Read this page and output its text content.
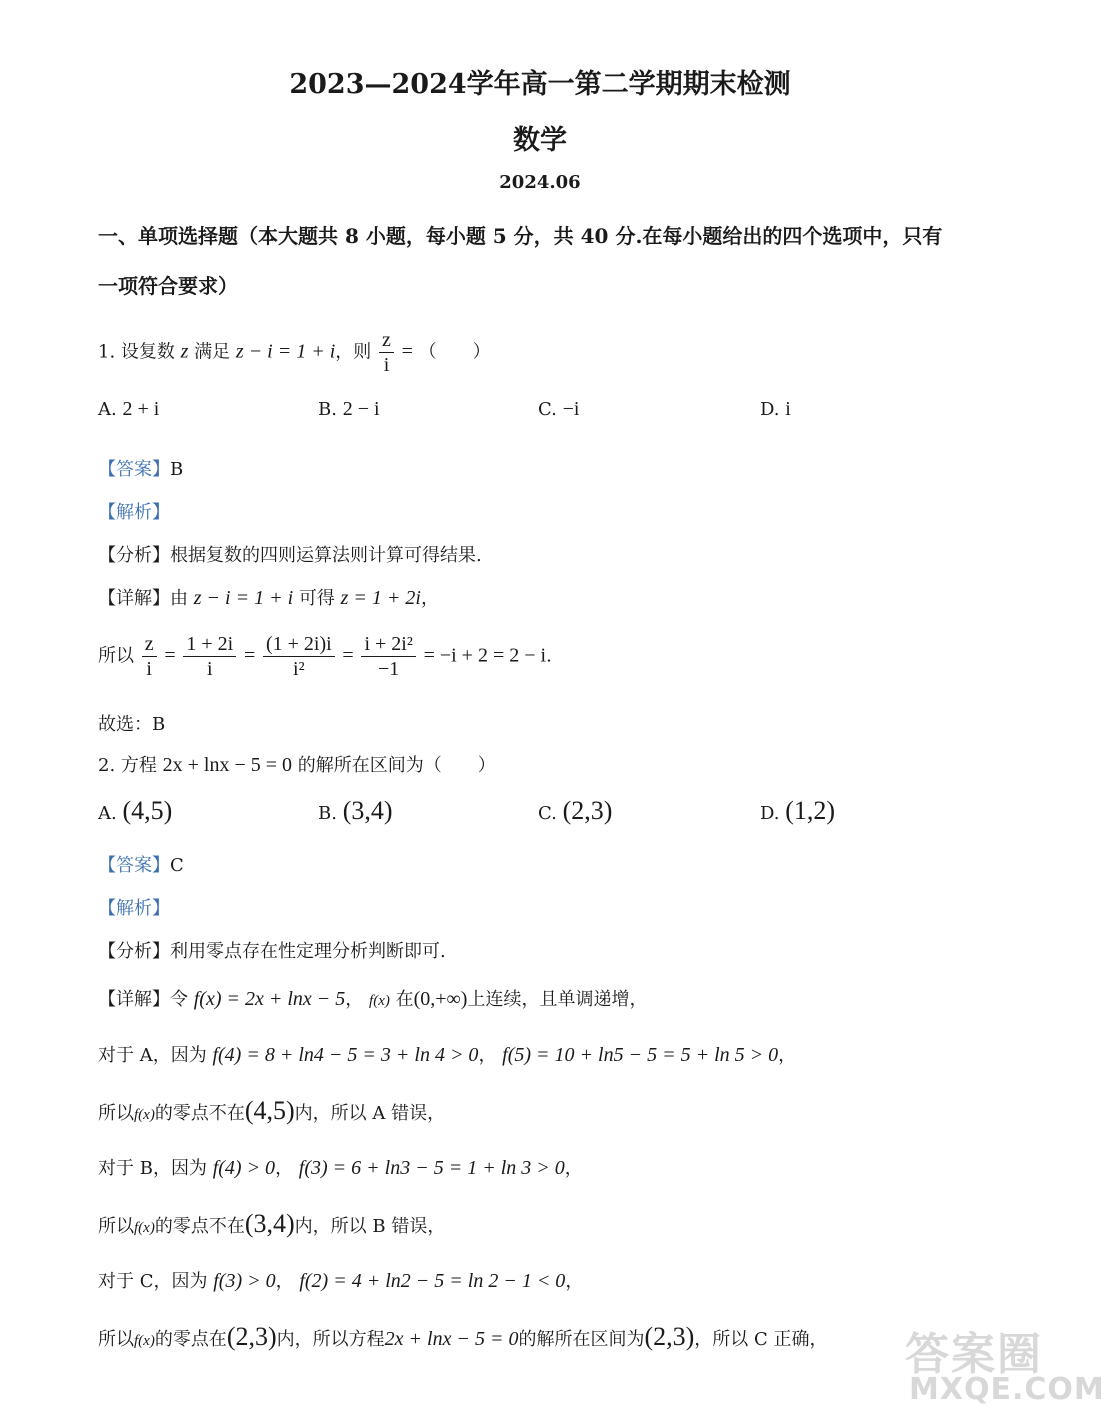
2023—2024学年高一第二学期期末检测
数学
2024.06
一、单项选择题（本大题共 8 小题，每小题 5 分，共 40 分.在每小题给出的四个选项中，只有
一项符合要求）
1. 设复数 z 满足 z − i = 1 + i，则 $\frac{z}{i}$ = （　　）
A. 2 + i	B. 2 − i	C. −i	D. i
【答案】B
【解析】
【分析】根据复数的四则运算法则计算可得结果.
【详解】由 z − i = 1 + i 可得 z = 1 + 2i，
所以 $\frac{z}{i} = \frac{1 + 2i}{i} = \frac{(1 + 2i)i}{\text{i²}} = \frac{\text{i + 2i²}}{-1} = -i + 2 = 2 - i$.
故选：B
2. 方程 2x + lnx − 5 = 0 的解所在区间为（　　）
A. (4,5)	B. (3,4)	C. (2,3)	D. (1,2)
【答案】C
【解析】
【分析】利用零点存在性定理分析判断即可.
【详解】令 f(x) = 2x + lnx − 5， f(x) 在(0,+∞)上连续，且单调递增，
对于 A，因为 f(4) = 8 + ln4 − 5 = 3 + ln 4 > 0， f(5) = 10 + ln5 − 5 = 5 + ln 5 > 0，
所以f(x)的零点不在(4,5)内，所以 A 错误，
对于 B，因为 f(4) > 0， f(3) = 6 + ln3 − 5 = 1 + ln 3 > 0，
所以f(x)的零点不在(3,4)内，所以 B 错误，
对于 C，因为 f(3) > 0， f(2) = 4 + ln2 − 5 = ln 2 − 1 < 0，
所以f(x)的零点在(2,3)内，所以方程2x + lnx − 5 = 0的解所在区间为(2,3)，所以 C 正确， 答案圈
MXQE.COM
